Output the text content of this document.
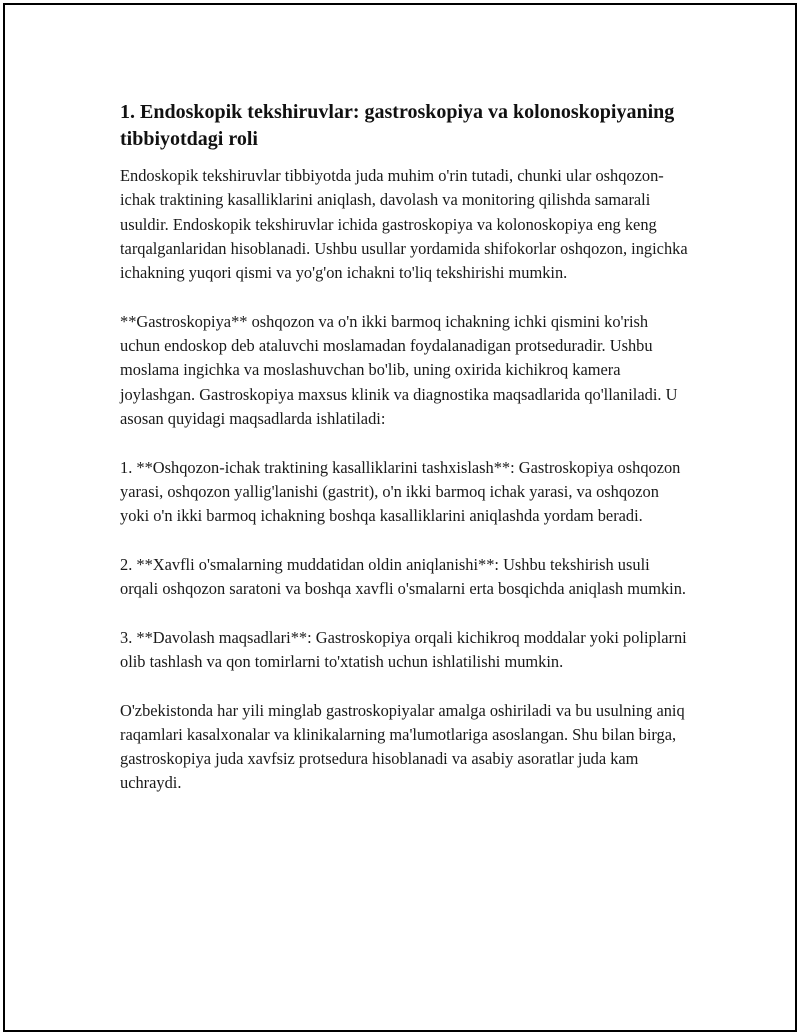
1. Endoskopik tekshiruvlar: gastroskopiya va kolonoskopiyaning tibbiyotdagi roli

Endoskopik tekshiruvlar tibbiyotda juda muhim o'rin tutadi, chunki ular oshqozon-ichak traktining kasalliklarini aniqlash, davolash va monitoring qilishda samarali usuldir. Endoskopik tekshiruvlar ichida gastroskopiya va kolonoskopiya eng keng tarqalganlaridan hisoblanadi. Ushbu usullar yordamida shifokorlar oshqozon, ingichka ichakning yuqori qismi va yo'g'on ichakni to'liq tekshirishi mumkin.

**Gastroskopiya** oshqozon va o'n ikki barmoq ichakning ichki qismini ko'rish uchun endoskop deb ataluvchi moslamadan foydalanadigan protseduradir. Ushbu moslama ingichka va moslashuvchan bo'lib, uning oxirida kichikroq kamera joylashgan. Gastroskopiya maxsus klinik va diagnostika maqsadlarida qo'llaniladi. U asosan quyidagi maqsadlarda ishlatiladi:

1. **Oshqozon-ichak traktining kasalliklarini tashxislash**: Gastroskopiya oshqozon yarasi, oshqozon yallig'lanishi (gastrit), o'n ikki barmoq ichak yarasi, va oshqozon yoki o'n ikki barmoq ichakning boshqa kasalliklarini aniqlashda yordam beradi.

2. **Xavfli o'smalarning muddatidan oldin aniqlanishi**: Ushbu tekshirish usuli orqali oshqozon saratoni va boshqa xavfli o'smalarni erta bosqichda aniqlash mumkin.

3. **Davolash maqsadlari**: Gastroskopiya orqali kichikroq moddalar yoki poliplarni olib tashlash va qon tomirlarni to'xtatish uchun ishlatilishi mumkin.

O'zbekistonda har yili minglab gastroskopiyalar amalga oshiriladi va bu usulning aniq raqamlari kasalxonalar va klinikalarning ma'lumotlariga asoslangan. Shu bilan birga, gastroskopiya juda xavfsiz protsedura hisoblanadi va asabiy asoratlar juda kam uchraydi.
